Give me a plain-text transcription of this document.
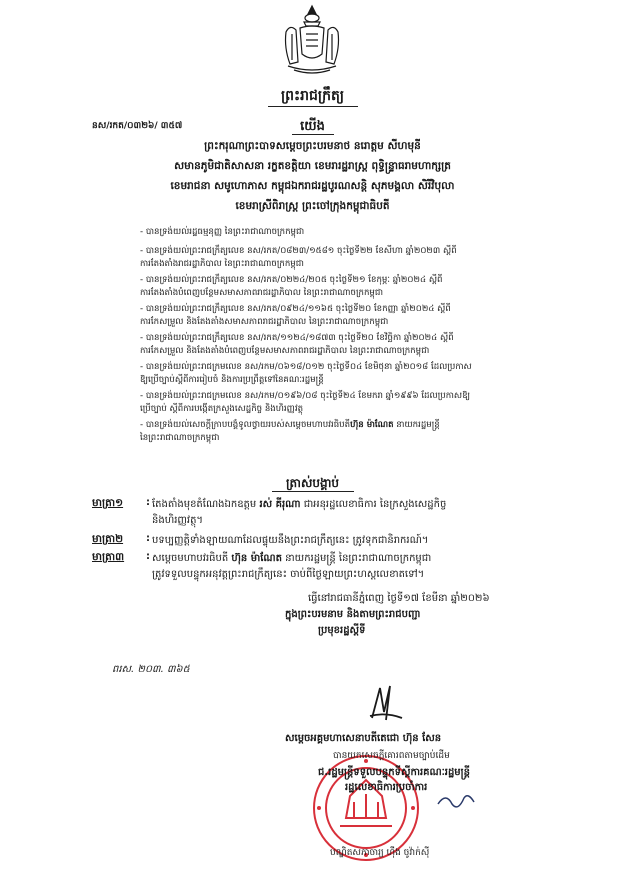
ព្រះរាជក្រឹត្យ
នស/រកត/០៣២៦/ ៣៥៧	យើង
ព្រះករុណាព្រះបាទសម្តេចព្រះបរមនាថ នរោត្តម សីហមុនី
សមានភូមិជាតិសាសនា រក្ខតខត្តិយា ខេមរារដ្ឋរាស្ត្រ ពុទ្ធិន្ទ្រាធរាមហាក្សត្រ
ខេមរាជនា សមូហោភាស កម្ពុជឯករាជរដ្ឋបូរណសន្តិ សុភមង្គលា សិរីវិបុលា
ខេមរាស្រីពិរាស្ត្រ ព្រះចៅក្រុងកម្ពុជាធិបតី
- បានទ្រង់យល់រដ្ឋធម្មនុញ្ញ នៃព្រះរាជាណាចក្រកម្ពុជា
- បានទ្រង់យល់ព្រះរាជក្រឹត្យលេខ នស/រកត/០៨២៣/១៥៨១ ចុះថ្ងៃទី២២ ខែសីហា ឆ្នាំ២០២៣ ស្តីពី
ការតែងតាំងរាជរដ្ឋាភិបាល នៃព្រះរាជាណាចក្រកម្ពុជា
- បានទ្រង់យល់ព្រះរាជក្រឹត្យលេខ នស/រកត/០២២៤/២០៥ ចុះថ្ងៃទី២១ ខែកុម្ភៈ ឆ្នាំ២០២៤ ស្តីពី
ការតែងតាំងបំពេញបន្ថែមសមាសភាពរាជរដ្ឋាភិបាល នៃព្រះរាជាណាចក្រកម្ពុជា
- បានទ្រង់យល់ព្រះរាជក្រឹត្យលេខ នស/រកត/០៩២៤/១១៦៥ ចុះថ្ងៃទី២០ ខែកញ្ញា ឆ្នាំ២០២៤ ស្តីពី
ការកែសម្រួល និងតែងតាំងសមាសភាពរាជរដ្ឋាភិបាល នៃព្រះរាជាណាចក្រកម្ពុជា
- បានទ្រង់យល់ព្រះរាជក្រឹត្យលេខ នស/រកត/១១២៤/១៨៧៣ ចុះថ្ងៃទី២០ ខែវិច្ឆិកា ឆ្នាំ២០២៤ ស្តីពី
ការកែសម្រួល និងតែងតាំងបំពេញបន្ថែមសមាសភាពរាជរដ្ឋាភិបាល នៃព្រះរាជាណាចក្រកម្ពុជា
- បានទ្រង់យល់ព្រះរាជក្រមលេខ នស/រកម/០៦១៨/០១២ ចុះថ្ងៃទី០៤ ខែមិថុនា ឆ្នាំ២០១៨ ដែលប្រកាស
ឱ្យប្រើច្បាប់ស្តីពីការរៀបចំ និងការប្រព្រឹត្តទៅនៃគណៈរដ្ឋមន្ត្រី
- បានទ្រង់យល់ព្រះរាជក្រមលេខ នស/រកម/០១៩៦/០៨ ចុះថ្ងៃទី២៤ ខែមករា ឆ្នាំ១៩៩៦ ដែលប្រកាសឱ្យ
ប្រើច្បាប់ ស្តីពីការបង្កើតក្រសួងសេដ្ឋកិច្ច និងហិរញ្ញវត្ថុ
- បានទ្រង់យល់សេចក្តីក្រាបបង្គំទូលថ្វាយរបស់សម្តេចមហាបវរធិបតីហ៊ុន ម៉ាណែត នាយករដ្ឋមន្ត្រី
នៃព្រះរាជាណាចក្រកម្ពុជា
ត្រាស់បង្គាប់
មាត្រា១ : តែងតាំងមុខតំណែងឯកឧត្តម រស់ គីរុណា ជាអនុរដ្ឋលេខាធិការ នៃក្រសួងសេដ្ឋកិច្ច
និងហិរញ្ញវត្ថុ។
មាត្រា២ : បទប្បញ្ញត្តិទាំងឡាយណាដែលផ្ទុយនឹងព្រះរាជក្រឹត្យនេះ ត្រូវទុកជានិរាករណ៍។
មាត្រា៣ : សម្តេចមហាបវរធិបតី ហ៊ុន ម៉ាណែត នាយករដ្ឋមន្ត្រី នៃព្រះរាជាណាចក្រកម្ពុជា
ត្រូវទទួលបន្ទុកអនុវត្តព្រះរាជក្រឹត្យនេះ ចាប់ពីថ្ងៃឡាយព្រះហស្តលេខាតទៅ។
ធ្វើនៅរាជធានីភ្នំពេញ ថ្ងៃទី១៧ ខែមីនា ឆ្នាំ២០២៦
ក្នុងព្រះបរមនាម និងតាមព្រះរាជបញ្ជា
ប្រមុខរដ្ឋស្តីទី
ពរស. ២០៣. ៣៦៥
សម្តេចអគ្គមហាសេនាបតីតេជោ ហ៊ុន សែន
បានយកសេចក្តីគោរពតាមច្បាប់ដើម
ជ.រដ្ឋមន្ត្រីទទួលបន្ទុកទីស្តីការគណៈរដ្ឋមន្ត្រី
រដ្ឋលេខាធិការប្រចាំការ
បណ្ឌិតសភាចារ្យ ហ៊ឹង ចូវ៉ាក់ស៊ី
